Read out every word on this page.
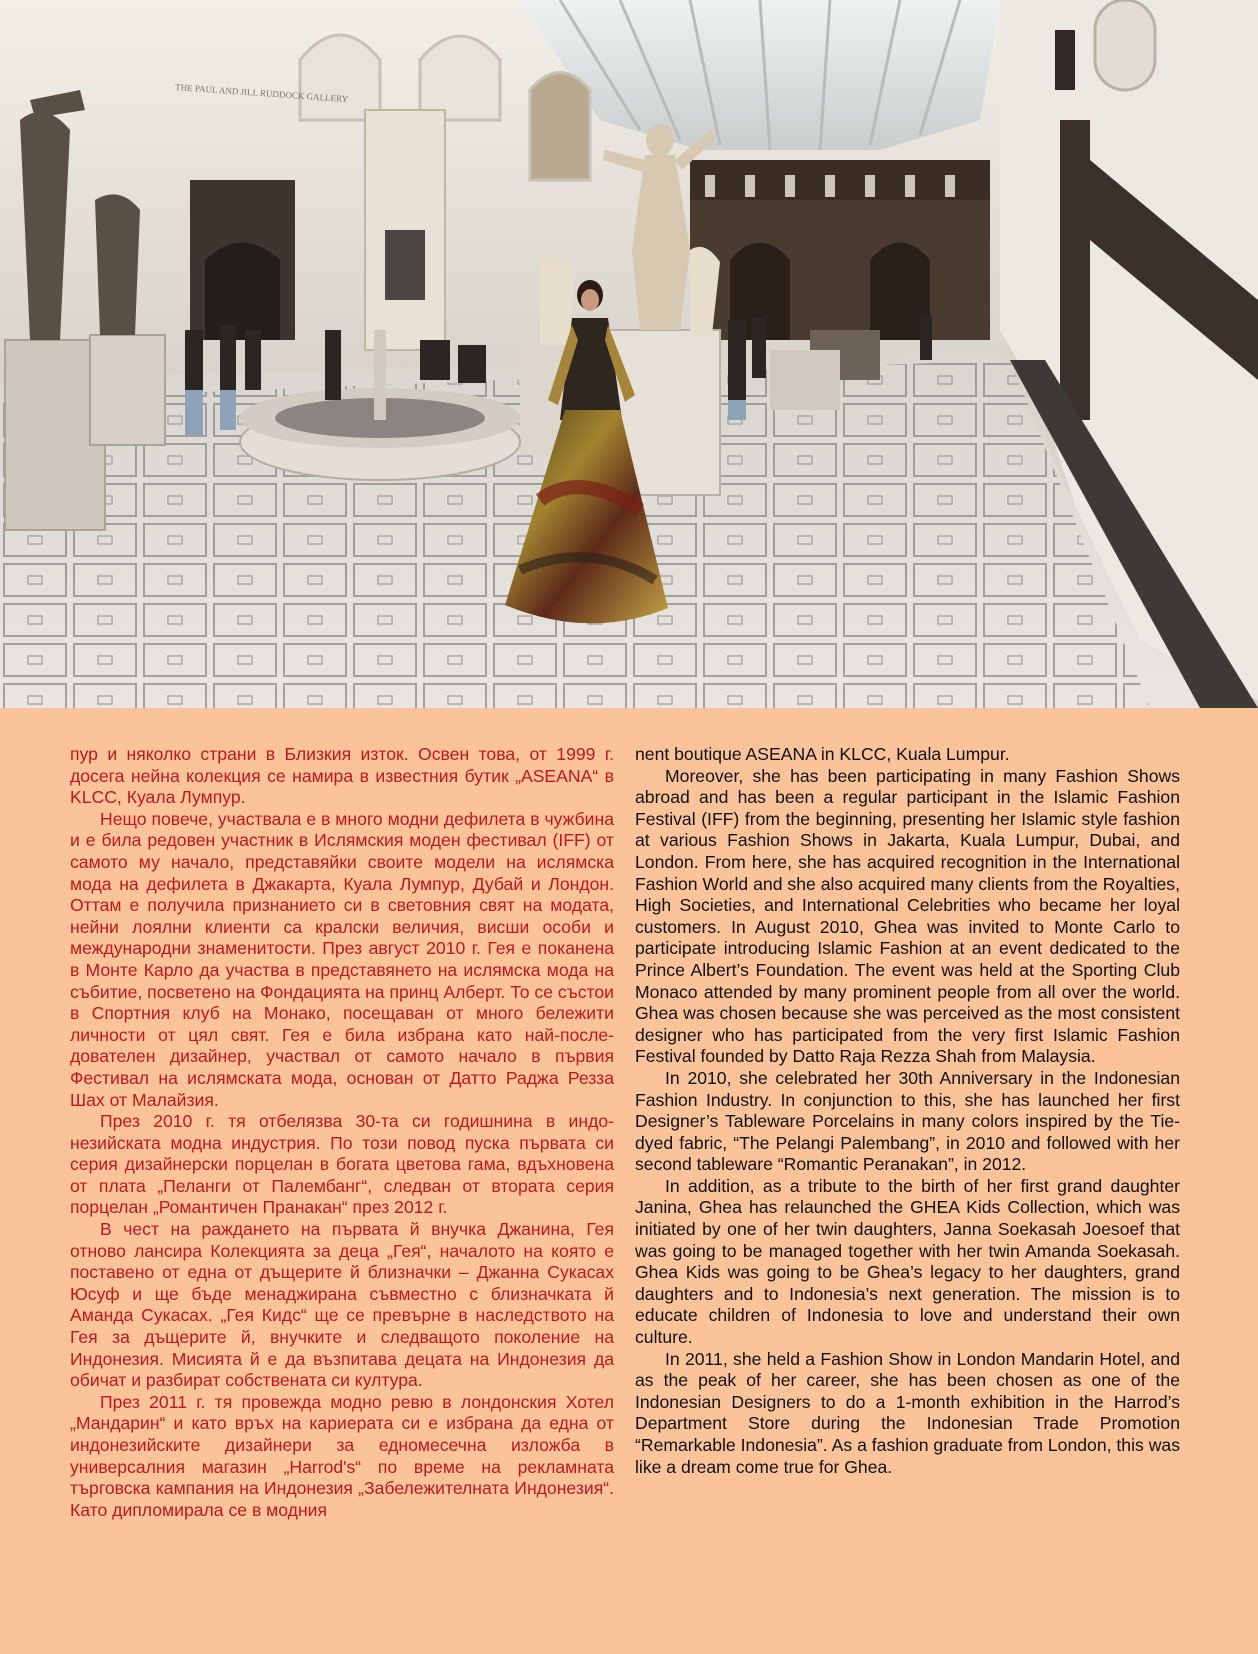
THE PAUL AND JILL RUDDOCK GALLERY

пур и няколко страни в Близкия изток. Освен това, от 1999 г. досега нейна колекция се намира в известния бутик „ASEANA“ в KLCC, Куала Лумпур.

Нещо повече, участвала е в много модни дефилета в чужбина и е била редовен участник в Ислямския моден фестивал (IFF) от самото му начало, представяйки своите модели на ислямска мода на дефилета в Джакарта, Куала Лумпур, Дубай и Лондон. Оттам е получила признанието си в световния свят на модата, нейни лоялни клиенти са кралски величия, висши особи и международни знаменитости. През август 2010 г. Гея е поканена в Монте Карло да участва в представянето на ислямска мода на събитие, посветено на Фондацията на принц Алберт. То се състои в Спортния клуб на Монако, посещаван от много бележити личности от цял свят. Гея е била избрана като най-последователен дизайнер, участвал от самото начало в първия Фестивал на ислямската мода, основан от Датто Раджа Резза Шах от Малайзия.

През 2010 г. тя отбелязва 30-та си годишнина в индонезийската модна индустрия. По този повод пуска първата си серия дизайнерски порцелан в богата цветова гама, вдъхновена от плата „Пеланги от Палембанг“, следван от втората серия порцелан „Романтичен Пранакан“ през 2012 г.

В чест на раждането на първата й внучка Джанина, Гея отново лансира Колекцията за деца „Гея“, началото на която е поставено от една от дъщерите й близначки – Джанна Сукасах Юсуф и ще бъде менаджирана съвместно с близначката й Аманда Сукасах. „Гея Кидс“ ще се превърне в наследството на Гея за дъщерите й, внучките и следващото поколение на Индонезия. Мисията й е да възпитава децата на Индонезия да обичат и разбират собствената си култура.

През 2011 г. тя провежда модно ревю в лондонския Хотел „Мандарин“ и като връх на кариерата си е избрана да една от индонезийските дизайнери за едномесечна изложба в универсалния магазин „Harrod's“ по време на рекламната търговска кампания на Индонезия „Забележителната Индонезия“. Като дипломирала се в модния

nent boutique ASEANA in KLCC, Kuala Lumpur.

Moreover, she has been participating in many Fashion Shows abroad and has been a regular participant in the Islamic Fashion Festival (IFF) from the beginning, presenting her Islamic style fashion at various Fashion Shows in Jakarta, Kuala Lumpur, Dubai, and London. From here, she has acquired recognition in the International Fashion World and she also acquired many clients from the Royalties, High Societies, and International Celebrities who became her loyal customers. In August 2010, Ghea was invited to Monte Carlo to participate introducing Islamic Fashion at an event dedicated to the Prince Albert’s Foundation. The event was held at the Sporting Club Monaco attended by many prominent people from all over the world. Ghea was chosen because she was perceived as the most consistent designer who has participated from the very first Islamic Fashion Festival founded by Datto Raja Rezza Shah from Malaysia.

In 2010, she celebrated her 30th Anniversary in the Indonesian Fashion Industry. In conjunction to this, she has launched her first Designer’s Tableware Porcelains in many colors inspired by the Tie-dyed fabric, “The Pelangi Palembang”, in 2010 and followed with her second tableware “Romantic Peranakan”, in 2012.

In addition, as a tribute to the birth of her first grand daughter Janina, Ghea has relaunched the GHEA Kids Collection, which was initiated by one of her twin daughters, Janna Soekasah Joesoef that was going to be managed together with her twin Amanda Soekasah. Ghea Kids was going to be Ghea’s legacy to her daughters, grand daughters and to Indonesia’s next generation. The mission is to educate children of Indonesia to love and understand their own culture.

In 2011, she held a Fashion Show in London Mandarin Hotel, and as the peak of her career, she has been chosen as one of the Indonesian Designers to do a 1-month exhibition in the Harrod’s Department Store during the Indonesian Trade Promotion “Remarkable Indonesia”. As a fashion graduate from London, this was like a dream come true for Ghea.
